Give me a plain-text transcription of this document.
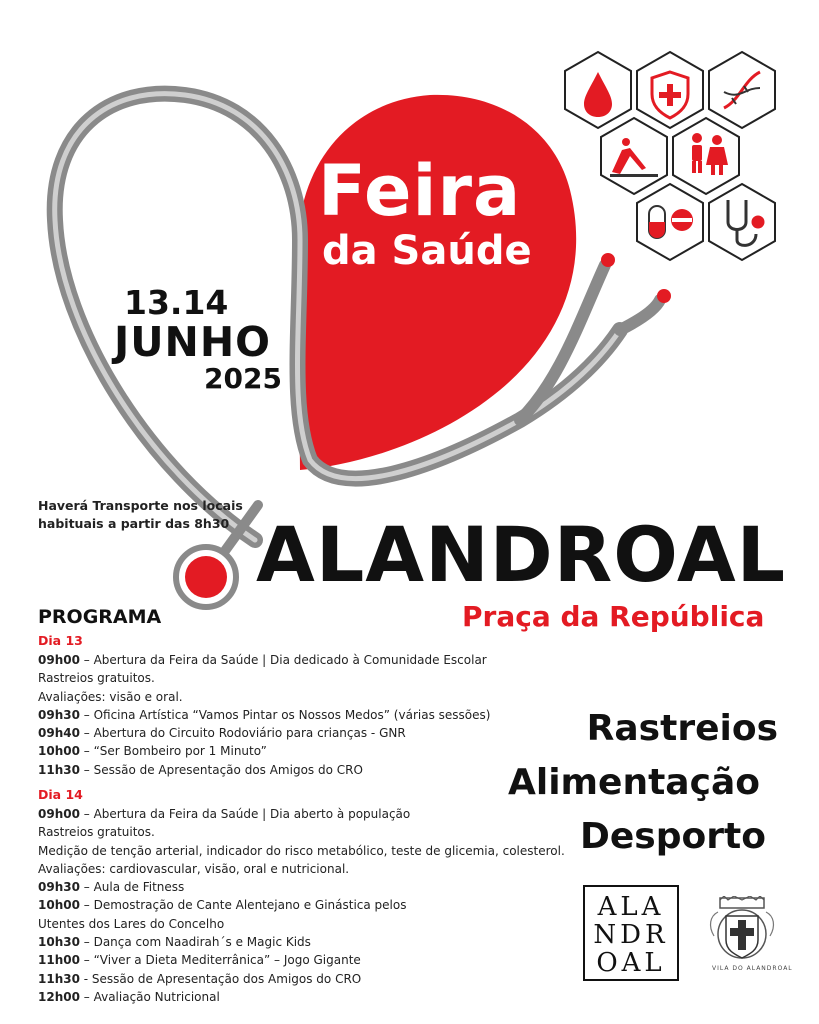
Feira
da Saúde
13.14
JUNHO
2025
Haverá Transporte nos locais
habituais a partir das 8h30 ALANDROAL
Praça da República
PROGRAMA
Dia 13
09h00 – Abertura da Feira da Saúde | Dia dedicado à Comunidade Escolar
Rastreios gratuitos.
Avaliações: visão e oral.
09h30 – Oficina Artística “Vamos Pintar os Nossos Medos” (várias sessões)
09h40 – Abertura do Circuito Rodoviário para crianças - GNR
10h00 – “Ser Bombeiro por 1 Minuto”
11h30 – Sessão de Apresentação dos Amigos do CRO
Dia 14
09h00 – Abertura da Feira da Saúde | Dia aberto à população
Rastreios gratuitos.
Medição de tenção arterial, indicador do risco metabólico, teste de glicemia, colesterol.
Avaliações: cardiovascular, visão, oral e nutricional.
09h30 – Aula de Fitness
10h00 – Demostração de Cante Alentejano e Ginástica pelos
Utentes dos Lares do Concelho
10h30 – Dança com Naadirah´s e Magic Kids
11h00 – “Viver a Dieta Mediterrânica” – Jogo Gigante
11h30 - Sessão de Apresentação dos Amigos do CRO
12h00 – Avaliação Nutricional
Rastreios
Alimentação
Desporto
ALA
NDR
OAL	VILA DO ALANDROAL
